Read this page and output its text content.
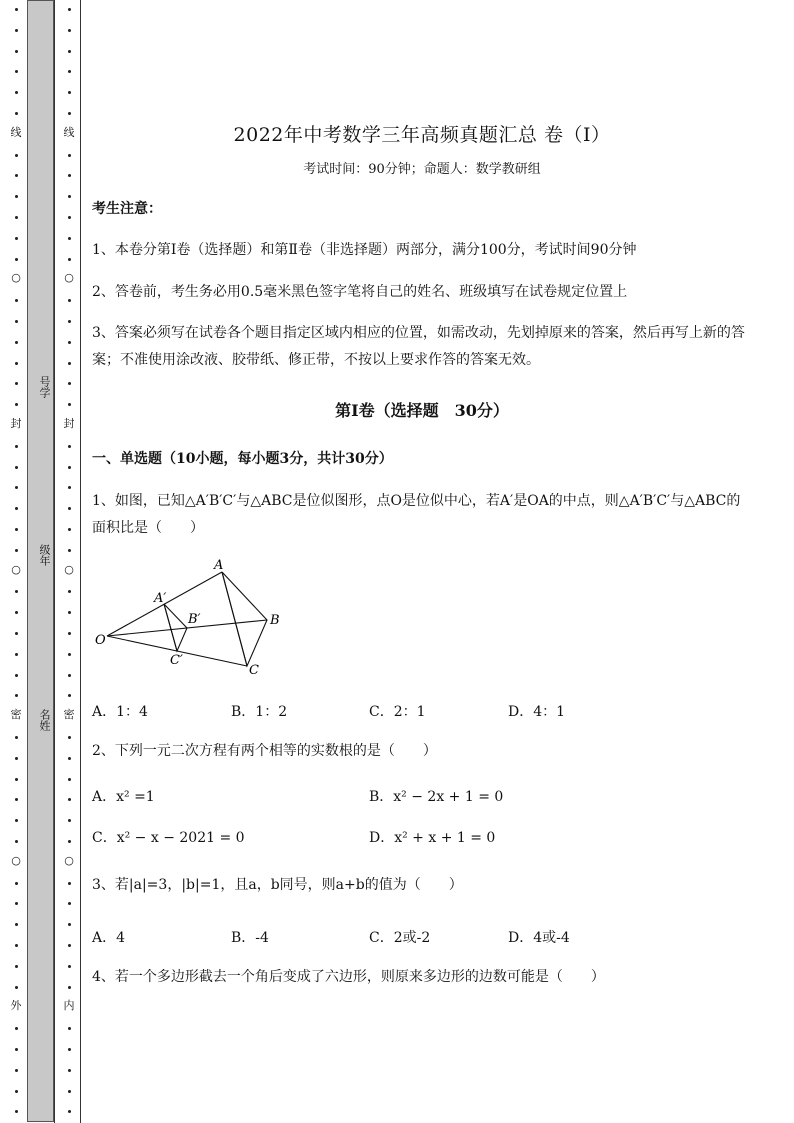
线
○
封
○
密
○
外
号学
级年
名姓
线
○
封
○
密
○
内
2022年中考数学三年高频真题汇总 卷（Ⅰ）
考试时间：90分钟；命题人：数学教研组
考生注意：
1、本卷分第I卷（选择题）和第Ⅱ卷（非选择题）两部分，满分100分，考试时间90分钟
2、答卷前，考生务必用0.5毫米黑色签字笔将自己的姓名、班级填写在试卷规定位置上
3、答案必须写在试卷各个题目指定区域内相应的位置，如需改动，先划掉原来的答案，然后再写上新的答案；不准使用涂改液、胶带纸、修正带，不按以上要求作答的答案无效。
第I卷（选择题　30分）
一、单选题（10小题，每小题3分，共计30分）
1、如图，已知△A′B′C′与△ABC是位似图形，点O是位似中心，若A′是OA的中点，则△A′B′C′与△ABC的面积比是（　　）
A
A′
B′	B
O
C′
C
A．1：4	B．1：2	C．2：1	D．4：1
2、下列一元二次方程有两个相等的实数根的是（　　）
A．x² =1	B．x² − 2x + 1 = 0
C．x² − x − 2021 = 0	D．x² + x + 1 = 0
3、若|a|=3，|b|=1，且a，b同号，则a+b的值为（　　）
A．4	B．-4	C．2或-2	D．4或-4
4、若一个多边形截去一个角后变成了六边形，则原来多边形的边数可能是（　　）
